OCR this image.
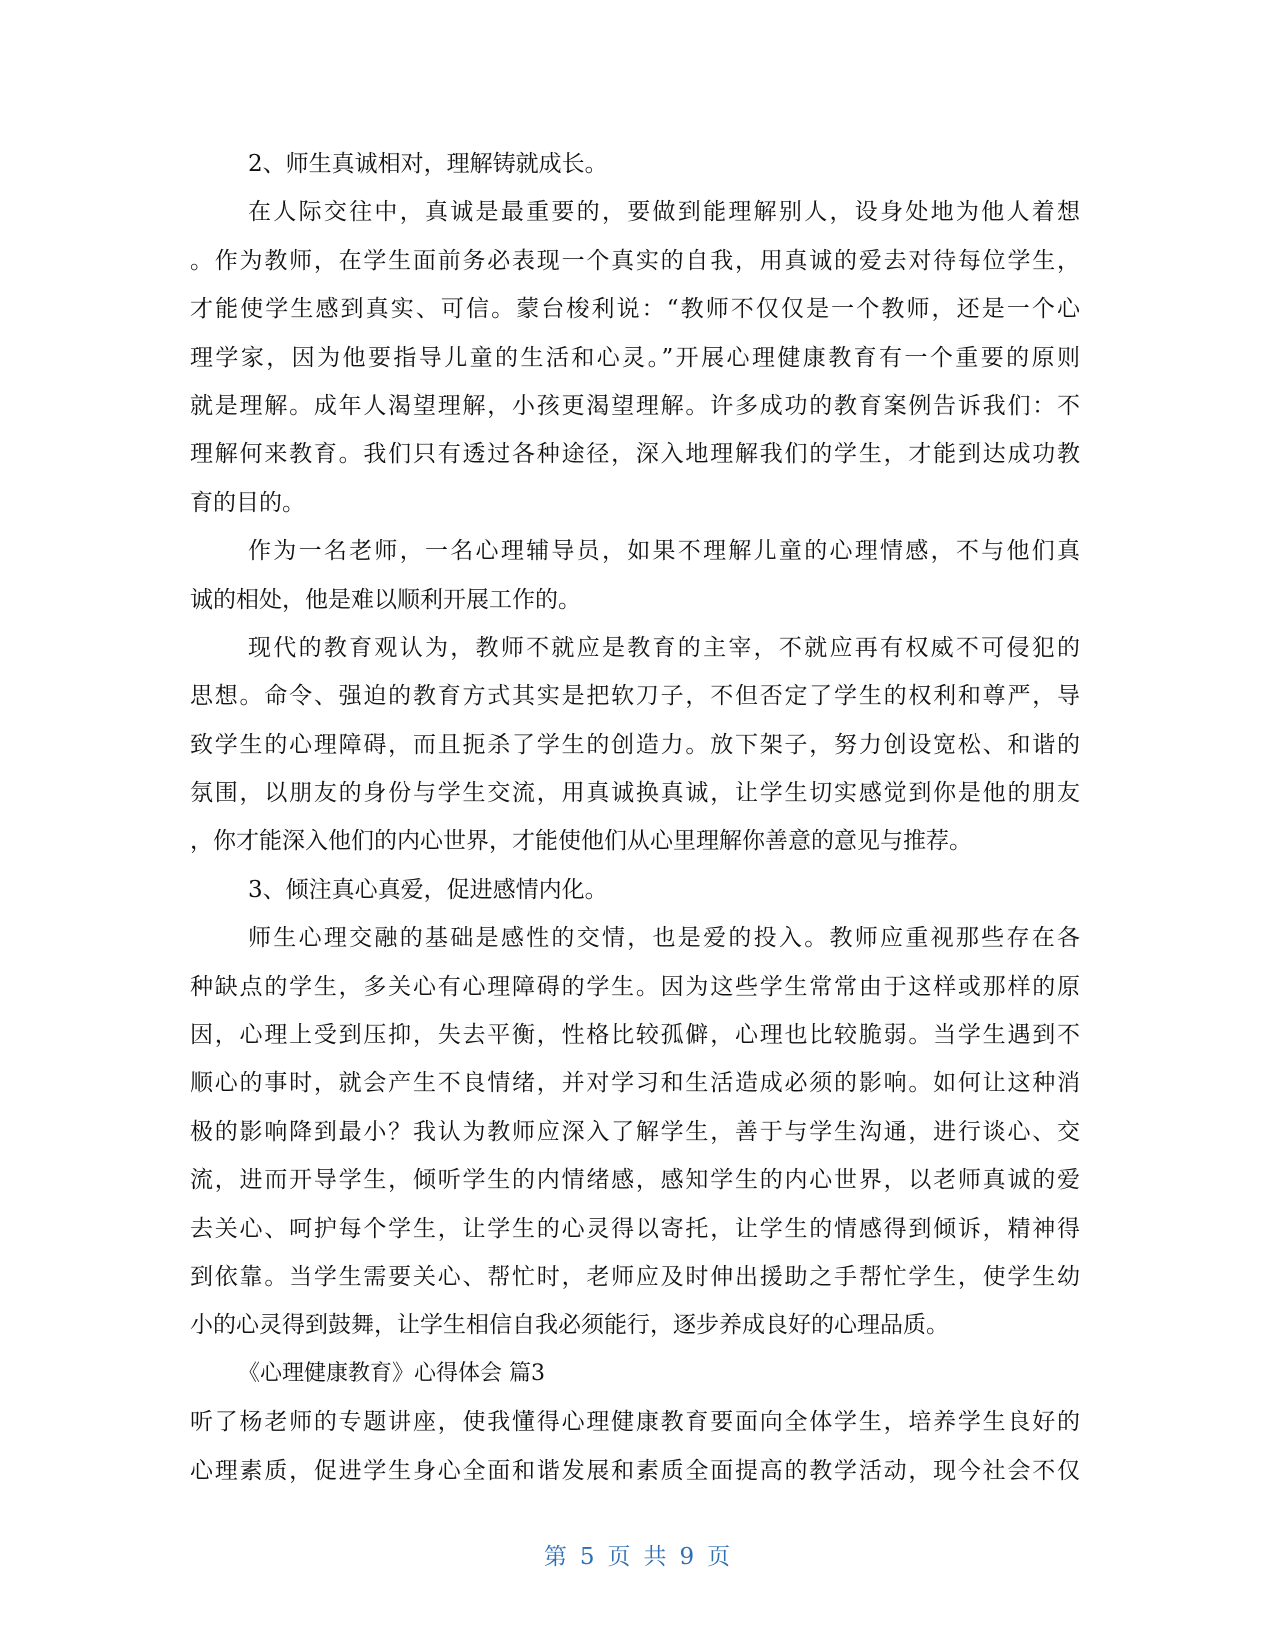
2、师生真诚相对，理解铸就成长。
在人际交往中，真诚是最重要的，要做到能理解别人，设身处地为他人着想
。作为教师，在学生面前务必表现一个真实的自我，用真诚的爱去对待每位学生，
才能使学生感到真实、可信。蒙台梭利说：“教师不仅仅是一个教师，还是一个心
理学家，因为他要指导儿童的生活和心灵。”开展心理健康教育有一个重要的原则
就是理解。成年人渴望理解，小孩更渴望理解。许多成功的教育案例告诉我们：不
理解何来教育。我们只有透过各种途径，深入地理解我们的学生，才能到达成功教
育的目的。
作为一名老师，一名心理辅导员，如果不理解儿童的心理情感，不与他们真
诚的相处，他是难以顺利开展工作的。
现代的教育观认为，教师不就应是教育的主宰，不就应再有权威不可侵犯的
思想。命令、强迫的教育方式其实是把软刀子，不但否定了学生的权利和尊严，导
致学生的心理障碍，而且扼杀了学生的创造力。放下架子，努力创设宽松、和谐的
氛围，以朋友的身份与学生交流，用真诚换真诚，让学生切实感觉到你是他的朋友
，你才能深入他们的内心世界，才能使他们从心里理解你善意的意见与推荐。
3、倾注真心真爱，促进感情内化。
师生心理交融的基础是感性的交情，也是爱的投入。教师应重视那些存在各
种缺点的学生，多关心有心理障碍的学生。因为这些学生常常由于这样或那样的原
因，心理上受到压抑，失去平衡，性格比较孤僻，心理也比较脆弱。当学生遇到不
顺心的事时，就会产生不良情绪，并对学习和生活造成必须的影响。如何让这种消
极的影响降到最小？我认为教师应深入了解学生，善于与学生沟通，进行谈心、交
流，进而开导学生，倾听学生的内情绪感，感知学生的内心世界，以老师真诚的爱
去关心、呵护每个学生，让学生的心灵得以寄托，让学生的情感得到倾诉，精神得
到依靠。当学生需要关心、帮忙时，老师应及时伸出援助之手帮忙学生，使学生幼
小的心灵得到鼓舞，让学生相信自我必须能行，逐步养成良好的心理品质。
《心理健康教育》心得体会 篇3
听了杨老师的专题讲座，使我懂得心理健康教育要面向全体学生，培养学生良好的
心理素质，促进学生身心全面和谐发展和素质全面提高的教学活动，现今社会不仅
第 5 页 共 9 页
